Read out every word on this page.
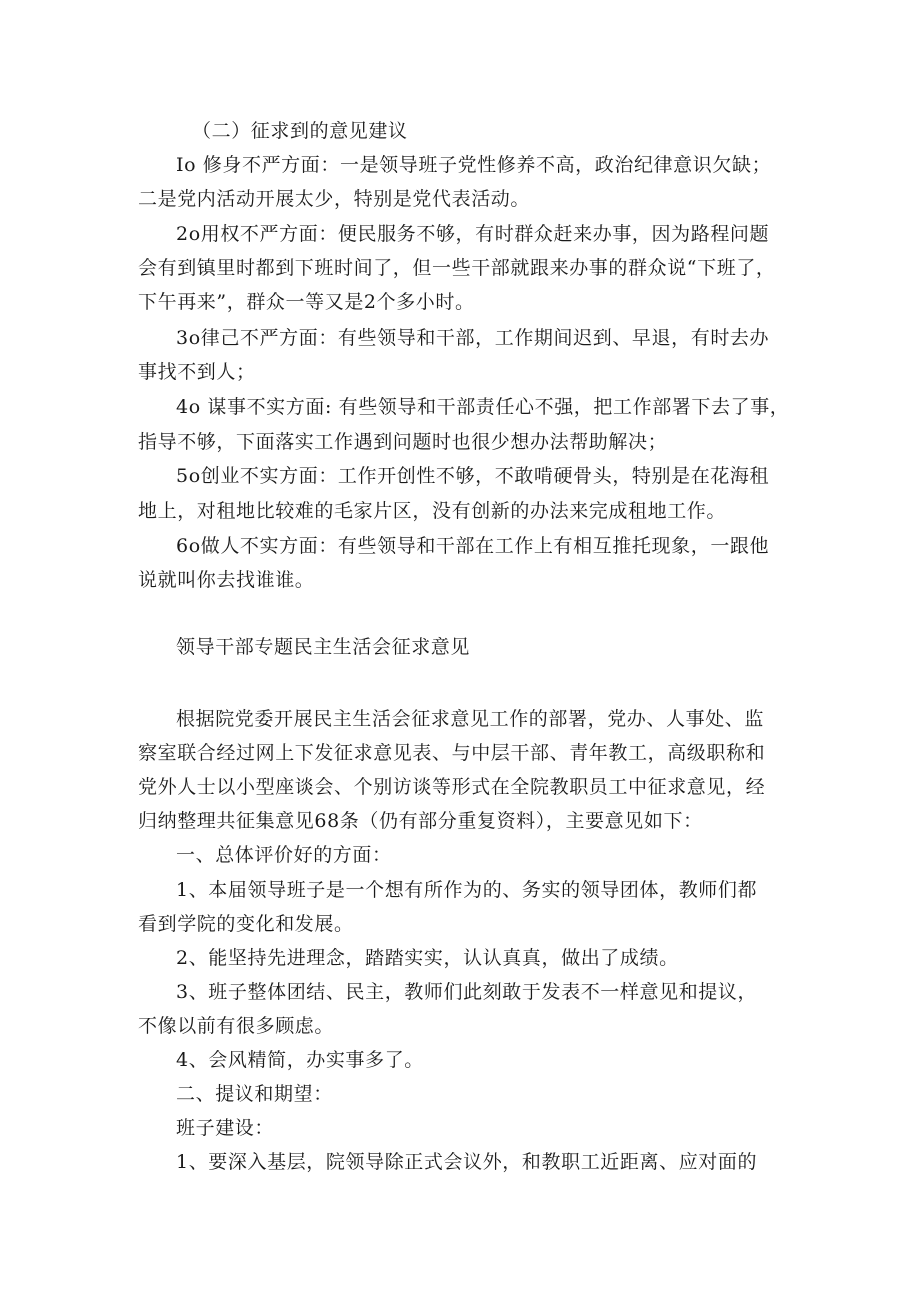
（二）征求到的意见建议
Io 修身不严方面：一是领导班子党性修养不高，政治纪律意识欠缺；
二是党内活动开展太少，特别是党代表活动。
2o用权不严方面：便民服务不够，有时群众赶来办事，因为路程问题
会有到镇里时都到下班时间了，但一些干部就跟来办事的群众说“下班了，
下午再来”，群众一等又是2个多小时。
3o律己不严方面：有些领导和干部，工作期间迟到、早退，有时去办
事找不到人；
4o 谋事不实方面: 有些领导和干部责任心不强，把工作部署下去了事，
指导不够，下面落实工作遇到问题时也很少想办法帮助解决；
5o创业不实方面：工作开创性不够，不敢啃硬骨头，特别是在花海租
地上，对租地比较难的毛家片区，没有创新的办法来完成租地工作。
6o做人不实方面：有些领导和干部在工作上有相互推托现象，一跟他
说就叫你去找谁谁。
领导干部专题民主生活会征求意见
根据院党委开展民主生活会征求意见工作的部署，党办、人事处、监
察室联合经过网上下发征求意见表、与中层干部、青年教工，高级职称和
党外人士以小型座谈会、个别访谈等形式在全院教职员工中征求意见，经
归纳整理共征集意见68条（仍有部分重复资料），主要意见如下：
一、总体评价好的方面：
1、本届领导班子是一个想有所作为的、务实的领导团体，教师们都
看到学院的变化和发展。
2、能坚持先进理念，踏踏实实，认认真真，做出了成绩。
3、班子整体团结、民主，教师们此刻敢于发表不一样意见和提议，
不像以前有很多顾虑。
4、会风精简，办实事多了。
二、提议和期望：
班子建设：
1、要深入基层，院领导除正式会议外，和教职工近距离、应对面的
